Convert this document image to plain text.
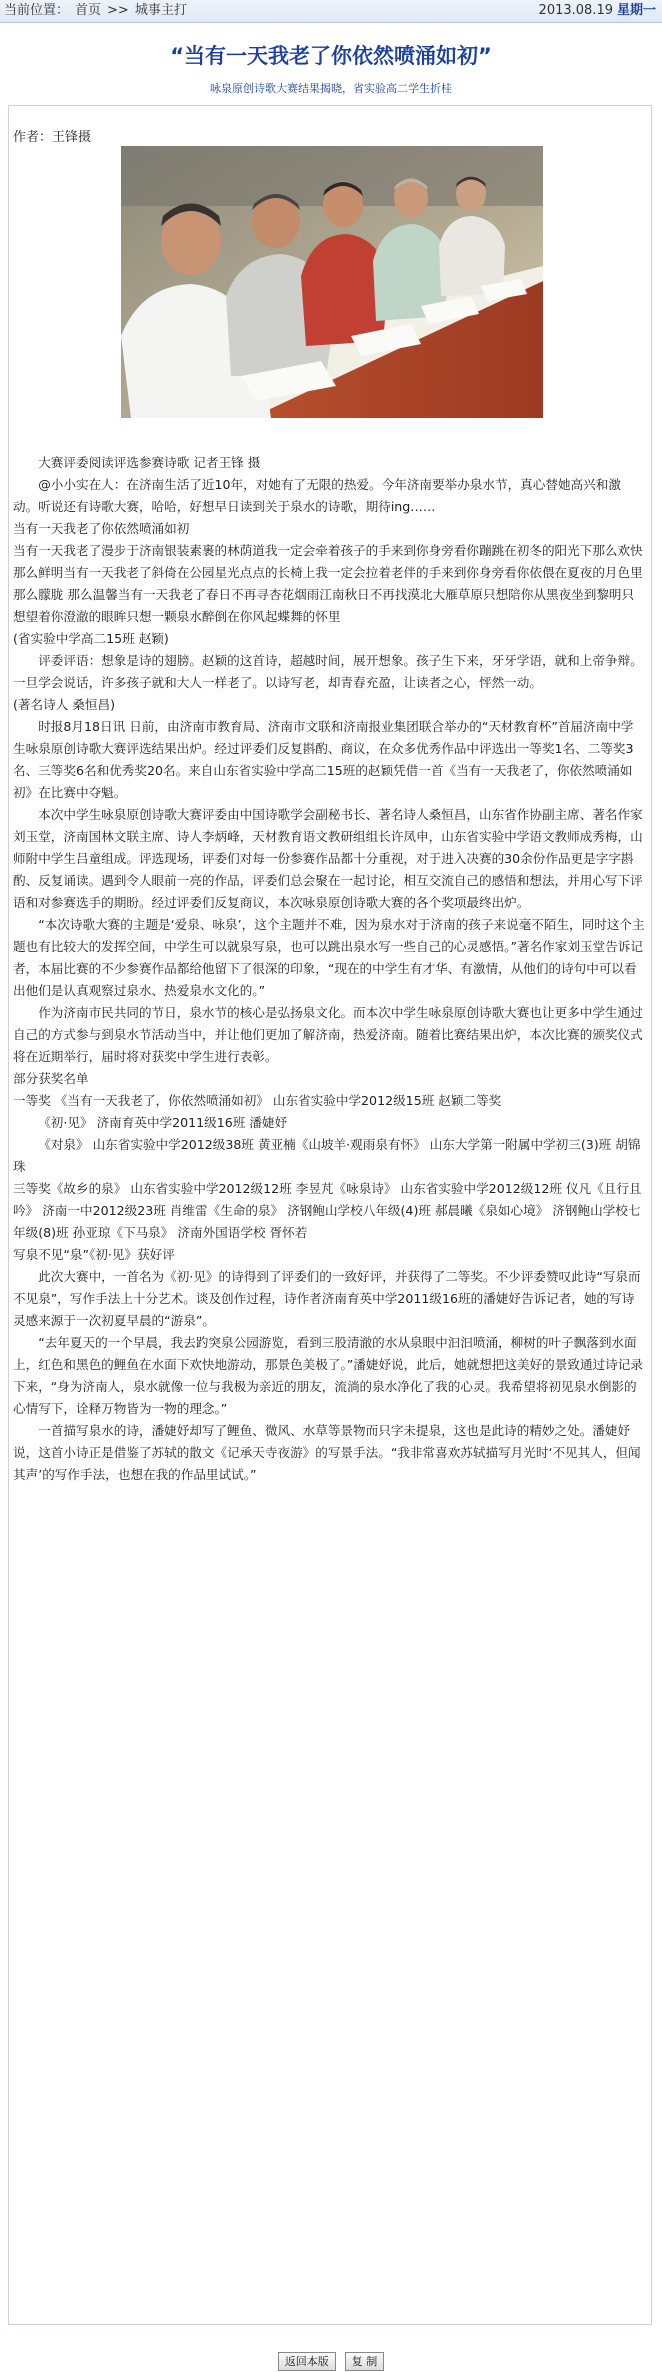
当前位置： 首页 >> 城事主打	2013.08.19 星期一
“当有一天我老了你依然喷涌如初”
咏泉原创诗歌大赛结果揭晓，省实验高二学生折桂
作者：王锋摄

大赛评委阅读评选参赛诗歌 记者王锋 摄

@小小实在人：在济南生活了近10年，对她有了无限的热爱。今年济南要举办泉水节，真心替她高兴和激动。听说还有诗歌大赛，哈哈，好想早日读到关于泉水的诗歌，期待ing……

当有一天我老了你依然喷涌如初

当有一天我老了漫步于济南银装素裹的林荫道我一定会牵着孩子的手来到你身旁看你蹦跳在初冬的阳光下那么欢快 那么鲜明当有一天我老了斜倚在公园星光点点的长椅上我一定会拉着老伴的手来到你身旁看你依偎在夏夜的月色里那么朦胧 那么温馨当有一天我老了春日不再寻杏花烟雨江南秋日不再找漠北大雁草原只想陪你从黑夜坐到黎明只想望着你澄澈的眼眸只想一颗泉水醉倒在你风起蝶舞的怀里

(省实验中学高二15班 赵颖)

评委评语：想象是诗的翅膀。赵颖的这首诗，超越时间，展开想象。孩子生下来，牙牙学语，就和上帝争辩。一旦学会说话，许多孩子就和大人一样老了。以诗写老，却青春充盈，让读者之心，怦然一动。

(著名诗人 桑恒昌)

时报8月18日讯 日前，由济南市教育局、济南市文联和济南报业集团联合举办的“天材教育杯”首届济南中学生咏泉原创诗歌大赛评选结果出炉。经过评委们反复斟酌、商议，在众多优秀作品中评选出一等奖1名、二等奖3名、三等奖6名和优秀奖20名。来自山东省实验中学高二15班的赵颖凭借一首《当有一天我老了，你依然喷涌如初》在比赛中夺魁。

本次中学生咏泉原创诗歌大赛评委由中国诗歌学会副秘书长、著名诗人桑恒昌，山东省作协副主席、著名作家刘玉堂，济南国林文联主席、诗人李炳峰，天材教育语文教研组组长许凤申，山东省实验中学语文教师成秀梅，山师附中学生吕童组成。评选现场，评委们对每一份参赛作品都十分重视，对于进入决赛的30余份作品更是字字斟酌、反复诵读。遇到令人眼前一亮的作品，评委们总会聚在一起讨论，相互交流自己的感悟和想法，并用心写下评语和对参赛选手的期盼。经过评委们反复商议，本次咏泉原创诗歌大赛的各个奖项最终出炉。

“本次诗歌大赛的主题是‘爱泉、咏泉’，这个主题并不难，因为泉水对于济南的孩子来说毫不陌生，同时这个主题也有比较大的发挥空间，中学生可以就泉写泉，也可以跳出泉水写一些自己的心灵感悟。”著名作家刘玉堂告诉记者，本届比赛的不少参赛作品都给他留下了很深的印象，“现在的中学生有才华、有激情，从他们的诗句中可以看出他们是认真观察过泉水、热爱泉水文化的。”

作为济南市民共同的节日，泉水节的核心是弘扬泉文化。而本次中学生咏泉原创诗歌大赛也让更多中学生通过自己的方式参与到泉水节活动当中，并让他们更加了解济南，热爱济南。随着比赛结果出炉，本次比赛的颁奖仪式将在近期举行，届时将对获奖中学生进行表彰。

部分获奖名单

一等奖 《当有一天我老了，你依然喷涌如初》 山东省实验中学2012级15班 赵颖二等奖

《初·见》 济南育英中学2011级16班 潘婕妤

《对泉》 山东省实验中学2012级38班 黄亚楠《山坡羊·观雨泉有怀》 山东大学第一附属中学初三(3)班 胡锦珠

三等奖《故乡的泉》 山东省实验中学2012级12班 李昱芃《咏泉诗》 山东省实验中学2012级12班 仪凡《且行且吟》 济南一中2012级23班 肖维雷《生命的泉》 济钢鲍山学校八年级(4)班 郝晨曦《泉如心境》 济钢鲍山学校七年级(8)班 孙亚琼《下马泉》 济南外国语学校 胥怀若

写泉不见“泉”《初·见》获好评

此次大赛中，一首名为《初·见》的诗得到了评委们的一致好评，并获得了二等奖。不少评委赞叹此诗“写泉而不见泉”，写作手法上十分艺术。谈及创作过程，诗作者济南育英中学2011级16班的潘婕妤告诉记者，她的写诗灵感来源于一次初夏早晨的“游泉”。

“去年夏天的一个早晨，我去趵突泉公园游览，看到三股清澈的水从泉眼中汩汩喷涌，柳树的叶子飘落到水面上，红色和黑色的鲤鱼在水面下欢快地游动，那景色美极了。”潘婕妤说，此后，她就想把这美好的景致通过诗记录下来，“身为济南人，泉水就像一位与我极为亲近的朋友，流淌的泉水净化了我的心灵。我希望将初见泉水倒影的心情写下，诠释万物皆为一物的理念。”

一首描写泉水的诗，潘婕妤却写了鲤鱼、微风、水草等景物而只字未提泉，这也是此诗的精妙之处。潘婕妤说，这首小诗正是借鉴了苏轼的散文《记承天寺夜游》的写景手法。“我非常喜欢苏轼描写月光时‘不见其人，但闻其声’的写作手法，也想在我的作品里试试。”

返回本版 复 制
